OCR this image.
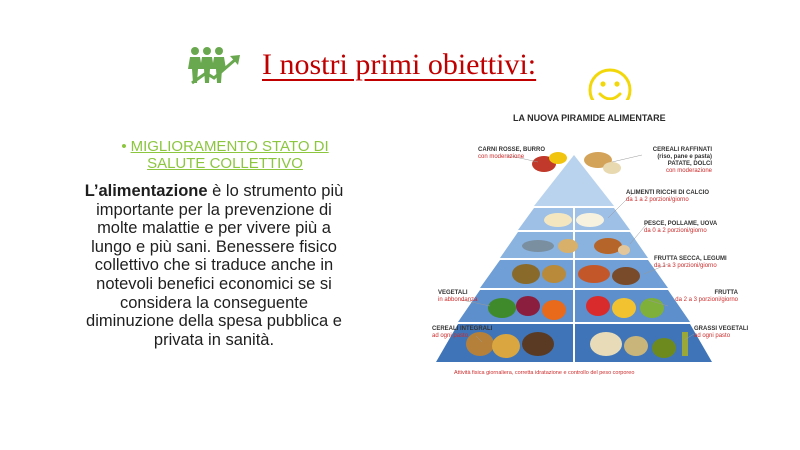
I nostri primi obiettivi:
• MIGLIORAMENTO STATO DI
SALUTE COLLETTIVO
L’alimentazione è lo strumento più importante per la prevenzione di molte malattie e per vivere più a lungo e più sani. Benessere fisico collettivo che si traduce anche in notevoli benefici economici se si considera la conseguente diminuzione della spesa pubblica e privata in sanità.
LA NUOVA PIRAMIDE ALIMENTARE
CARNI ROSSE, BURRO
con moderazione
CEREALI RAFFINATI
(riso, pane e pasta)
PATATE, DOLCI
con moderazione
ALIMENTI RICCHI DI CALCIO
da 1 a 2 porzioni/giorno
PESCE, POLLAME, UOVA
da 0 a 2 porzioni/giorno
FRUTTA SECCA, LEGUMI
da 1 a 3 porzioni/giorno
VEGETALI
in abbondanza
FRUTTA
da 2 a 3 porzioni/giorno
CEREALI INTEGRALI
ad ogni pasto
GRASSI VEGETALI
ad ogni pasto
Attività fisica giornaliera, corretta idratazione e controllo del peso corporeo
